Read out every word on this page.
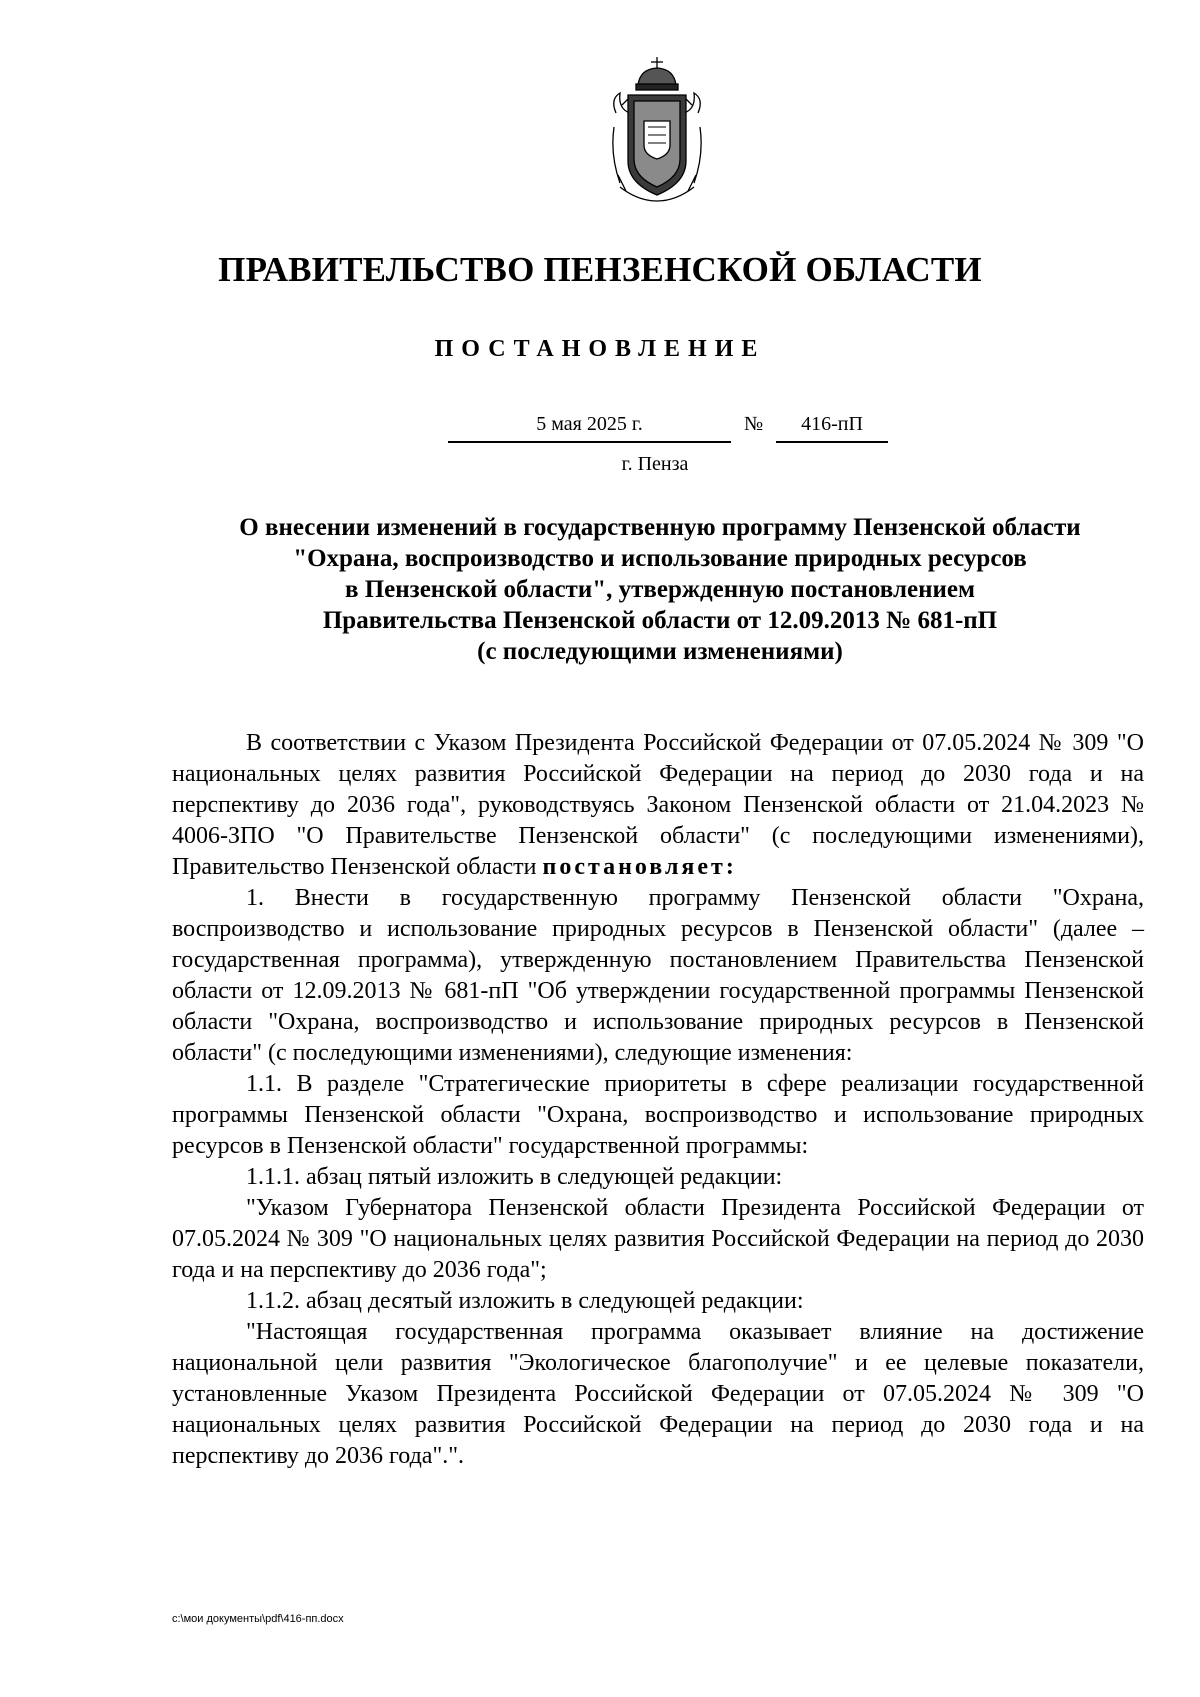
ПРАВИТЕЛЬСТВО ПЕНЗЕНСКОЙ ОБЛАСТИ
ПОСТАНОВЛЕНИЕ
5 мая 2025 г.	№	416-пП
г. Пенза
О внесении изменений в государственную программу Пензенской области
"Охрана, воспроизводство и использование природных ресурсов
в Пензенской области", утвержденную постановлением
Правительства Пензенской области от 12.09.2013 № 681-пП
(с последующими изменениями)

В соответствии с Указом Президента Российской Федерации от 07.05.2024 № 309 "О национальных целях развития Российской Федерации на период до 2030 года и на перспективу до 2036 года", руководствуясь Законом Пензенской области от 21.04.2023 № 4006-ЗПО "О Правительстве Пензенской области" (с последующими изменениями), Правительство Пензенской области постановляет:

1. Внести в государственную программу Пензенской области "Охрана, воспроизводство и использование природных ресурсов в Пензенской области" (далее – государственная программа), утвержденную постановлением Правительства Пензенской области от 12.09.2013 № 681-пП "Об утверждении государственной программы Пензенской области "Охрана, воспроизводство и использование природных ресурсов в Пензенской области" (с последующими изменениями), следующие изменения:

1.1. В разделе "Стратегические приоритеты в сфере реализации государственной программы Пензенской области "Охрана, воспроизводство и использование природных ресурсов в Пензенской области" государственной программы:

1.1.1. абзац пятый изложить в следующей редакции:

"Указом Губернатора Пензенской области Президента Российской Федерации от 07.05.2024 № 309 "О национальных целях развития Российской Федерации на период до 2030 года и на перспективу до 2036 года";

1.1.2. абзац десятый изложить в следующей редакции:

"Настоящая государственная программа оказывает влияние на достижение национальной цели развития "Экологическое благополучие" и ее целевые показатели, установленные Указом Президента Российской Федерации от 07.05.2024 № 309 "О национальных целях развития Российской Федерации на период до 2030 года и на перспективу до 2036 года".".

c:\мои документы\pdf\416-пп.docx
